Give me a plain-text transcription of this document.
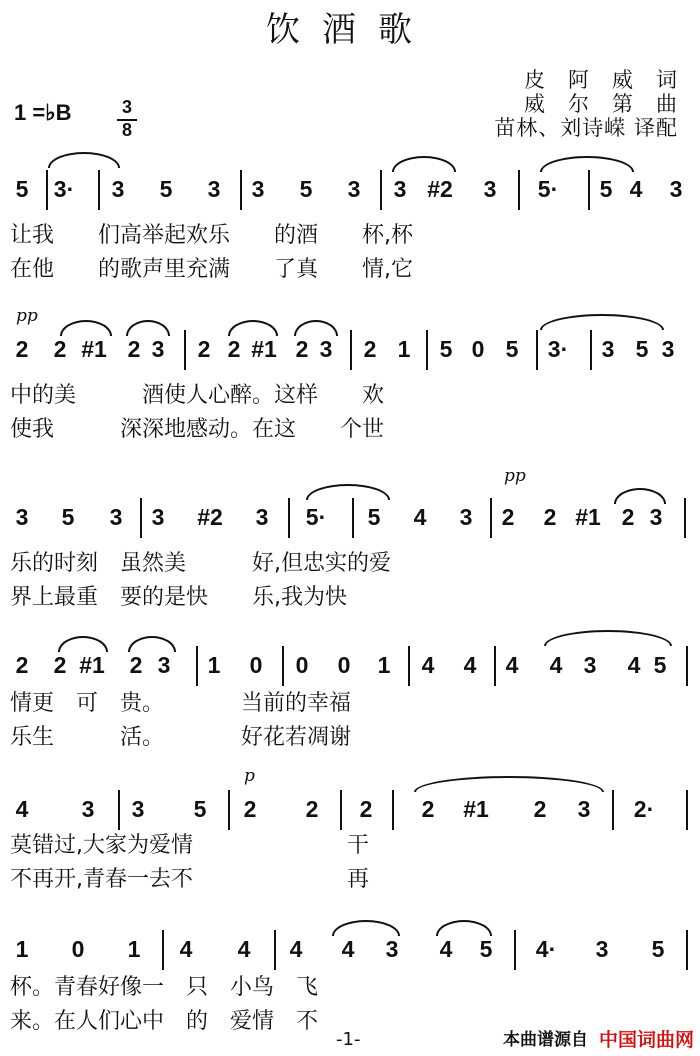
饮酒歌
皮　阿　威　词
威　尔　第　曲
苗林、刘诗嵘 译配
1 =♭B	3
8
5 3· 3 5 3 3 5 3 3 #2 3 5· 5 4 3
让我　　们高举起欢乐　　的酒　　杯,杯
在他　　的歌声里充满　　了真　　情,它
pp
2 2 #1 2 3 2 2 #1 2 3 2 1 5 0 5 3· 3 5 3
中的美　　　酒使人心醉。这样　　欢
使我　　　深深地感动。在这　　个世
pp
3 5 3 3 #2 3 5· 5 4 3 2 2 #1 2 3
乐的时刻　虽然美　　　好,但忠实的爱
界上最重　要的是快　　乐,我为快
2 2 #1 2 3 1 0 0 0 1 4 4 4 4 3 4 5
情更　可　贵。　　　　当前的幸福
乐生　　　活。　　　　好花若凋谢
p
4 3 3 5 2 2 2 2 #1 2 3 2·
莫错过,大家为爱情　　　　　　　干
不再开,青春一去不　　　　　　　再
1 0 1 4 4 4 4 3 4 5 4· 3 5
杯。青春好像一　只　小鸟　飞
来。在人们心中　的　爱情　不
-1-	本曲谱源自 中国词曲网
